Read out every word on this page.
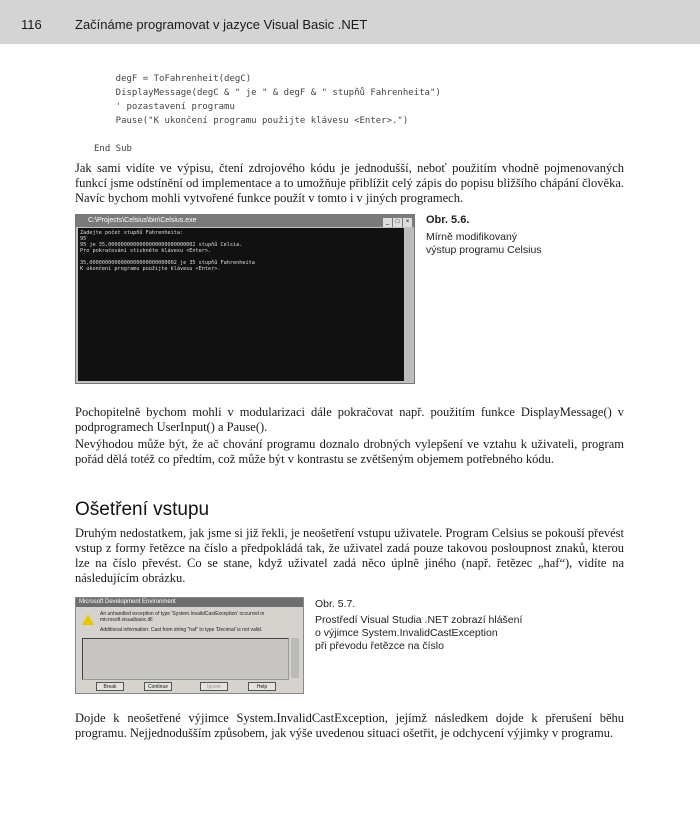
116	Začínáme programovat v jazyce Visual Basic .NET
degF = ToFahrenheit(degC)
DisplayMessage(degC & " je " & degF & " stupňů Fahrenheita")
' pozastavení programu
Pause("K ukončení programu použijte klávesu <Enter>.")

End Sub
Jak sami vidíte ve výpisu, čtení zdrojového kódu je jednodušší, neboť použitím vhodně pojmenovaných funkcí jsme odstínění od implementace a to umožňuje přiblížit celý zápis do popisu bližšího chápání člověka. Navíc bychom mohli vytvořené funkce použít v tomto i v jiných programech.
C:\Projects\Celsius\bin\Celsius.exe	_ □ ×
Zadejte počet stupňů Fahrenheita:
95
95 je 35,0000000000000000000000000002 stupňů Celsia.
Pro pokračování stiskněte klávesu <Enter>.

35,0000000000000000000000000002 je 35 stupňů Fahrenheita
K ukončení programu použijte klávesu <Enter>.
Obr. 5.6.
Mírně modifikovaný
výstup programu Celsius
Pochopitelně bychom mohli v modularizaci dále pokračovat např. použitím funkce DisplayMessage() v podprogramech UserInput() a Pause().
Nevýhodou může být, že ač chování programu doznalo drobných vylepšení ve vztahu k uživateli, program pořád dělá totéž co předtím, což může být v kontrastu se zvětšeným objemem potřebného kódu.
Ošetření vstupu
Druhým nedostatkem, jak jsme si již řekli, je neošetření vstupu uživatele. Program Celsius se pokouší převést vstup z formy řetězce na číslo a předpokládá tak, že uživatel zadá pouze takovou posloupnost znaků, kterou lze na číslo převést. Co se stane, když uživatel zadá něco úplně jiného (např. řetězec „haf“), vidíte na následujícím obrázku.
Microsoft Development Environment
An unhandled exception of type 'System.InvalidCastException' occurred in microsoft.visualbasic.dll
Additional information: Cast from string "haf" to type 'Decimal' is not valid.
Break	Continue	Ignore	Help
Obr. 5.7.
Prostředí Visual Studia .NET zobrazí hlášení
o výjimce System.InvalidCastException
při převodu řetězce na číslo
Dojde k neošetřené výjimce System.InvalidCastException, jejímž následkem dojde k přerušení běhu programu. Nejjednodušším způsobem, jak výše uvedenou situaci ošetřit, je odchycení výjimky v programu.
